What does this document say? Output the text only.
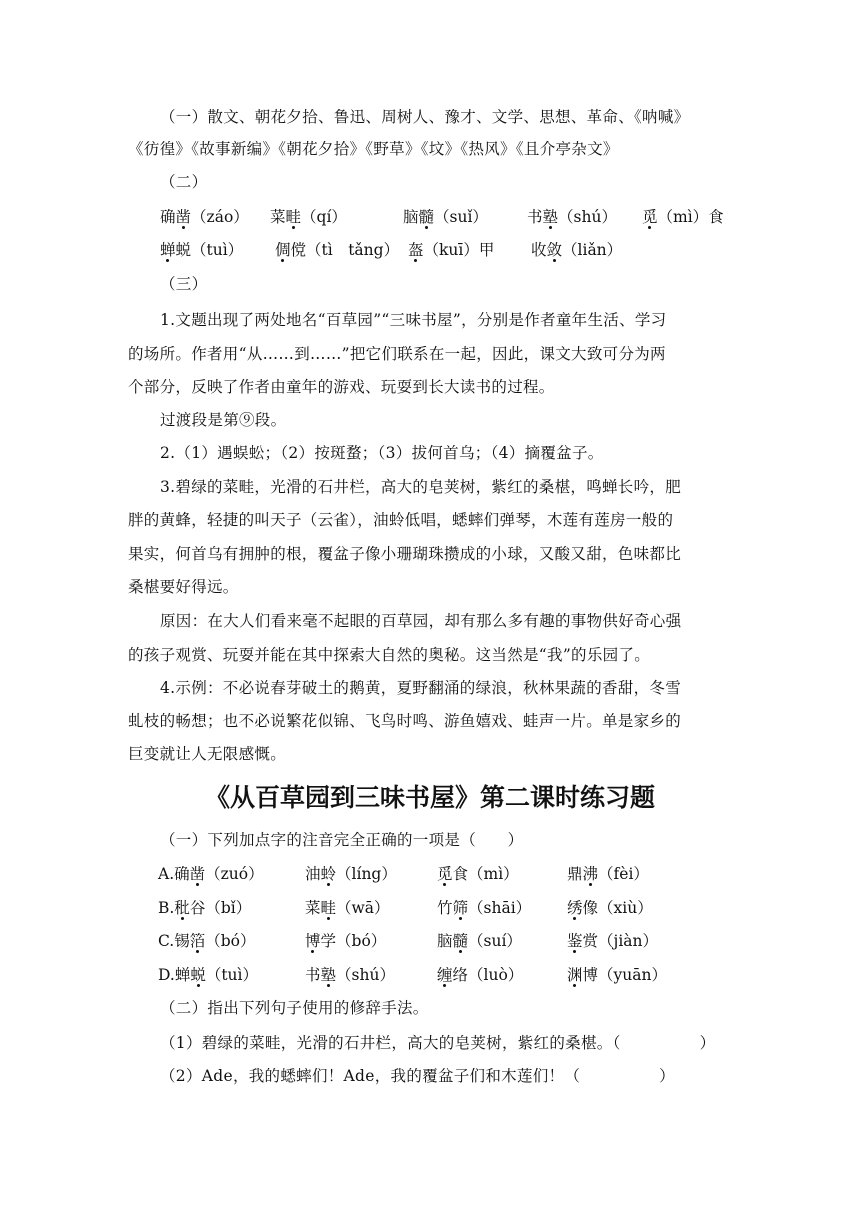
（一）散文、朝花夕拾、鲁迅、周树人、豫才、文学、思想、革命、《呐喊》
《彷徨》《故事新编》《朝花夕拾》《野草》《坟》《热风》《且介亭杂文》
（二）
确凿（záo） 菜畦（qí）	脑髓（suǐ）	书塾（shú） 觅（mì）食
蝉蜕（tuì） 倜傥（tì　tǎng） 盔（kuī）甲 收敛（liǎn）
（三）
1.文题出现了两处地名“百草园”“三味书屋”，分别是作者童年生活、学习
的场所。作者用“从……到……”把它们联系在一起，因此，课文大致可分为两
个部分，反映了作者由童年的游戏、玩耍到长大读书的过程。
过渡段是第⑨段。
2.（1）遇蜈蚣；（2）按斑蝥；（3）拔何首乌；（4）摘覆盆子。
3.碧绿的菜畦，光滑的石井栏，高大的皂荚树，紫红的桑椹，鸣蝉长吟，肥
胖的黄蜂，轻捷的叫天子（云雀），油蛉低唱，蟋蟀们弹琴，木莲有莲房一般的
果实，何首乌有拥肿的根，覆盆子像小珊瑚珠攒成的小球，又酸又甜，色味都比
桑椹要好得远。
原因：在大人们看来毫不起眼的百草园，却有那么多有趣的事物供好奇心强
的孩子观赏、玩耍并能在其中探索大自然的奥秘。这当然是“我”的乐园了。
4.示例：不必说春芽破土的鹅黄，夏野翻涌的绿浪，秋林果蔬的香甜，冬雪
虬枝的畅想；也不必说繁花似锦、飞鸟时鸣、游鱼嬉戏、蛙声一片。单是家乡的
巨变就让人无限感慨。
《从百草园到三味书屋》第二课时练习题
（一）下列加点字的注音完全正确的一项是（　　）
A.确凿（zuó）	油蛉（líng）	觅食（mì）	鼎沸（fèi）
B.秕谷（bǐ）	菜畦（wā）	竹筛（shāi） 绣像（xiù）
C.锡箔（bó）	博学（bó）	脑髓（suí）	鉴赏（jiàn）
D.蝉蜕（tuì）	书塾（shú）	缠络（luò）	渊博（yuān）
（二）指出下列句子使用的修辞手法。
（1）碧绿的菜畦，光滑的石井栏，高大的皂荚树，紫红的桑椹。（　　　　　）
（2）Ade，我的蟋蟀们！Ade，我的覆盆子们和木莲们！（　　　　　）
